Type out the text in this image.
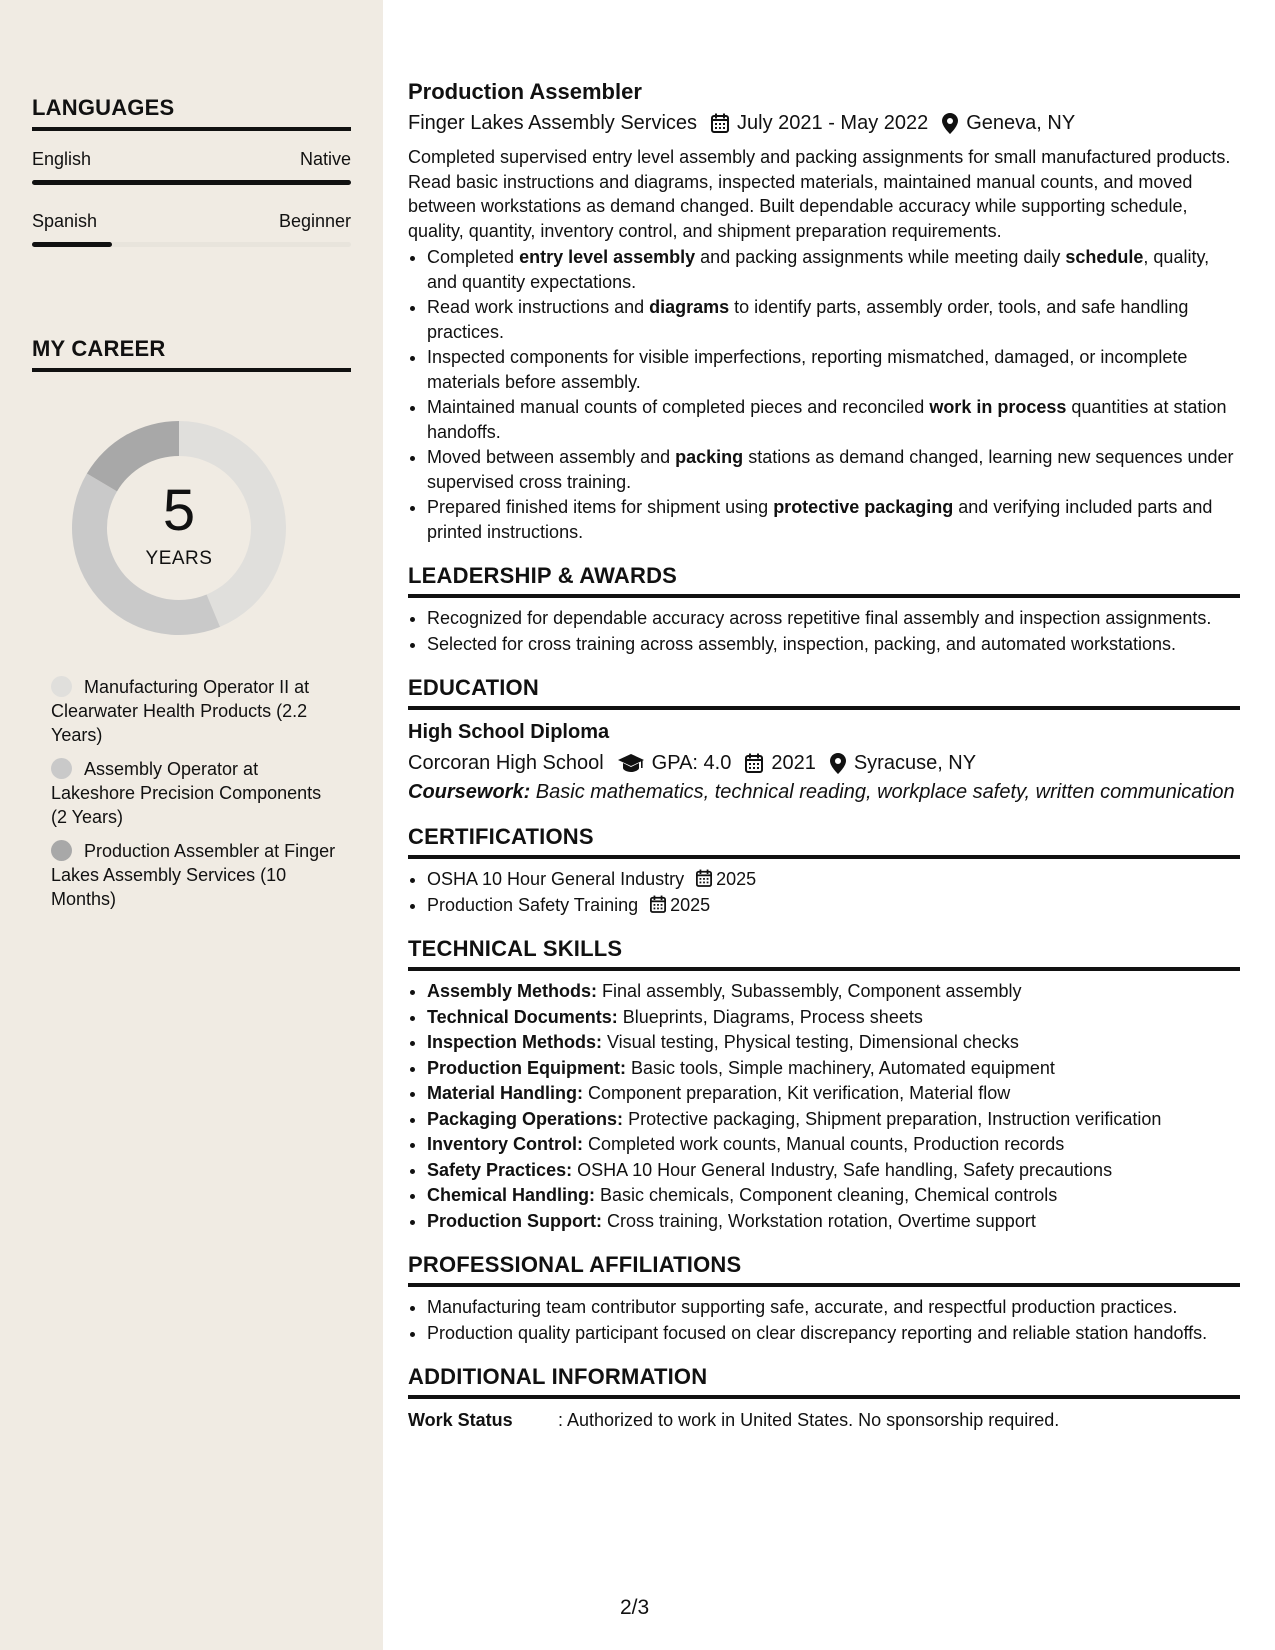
LANGUAGES
English	Native
Spanish	Beginner
MY CAREER
5
YEARS
Manufacturing Operator II at Clearwater Health Products (2.2 Years)
Assembly Operator at Lakeshore Precision Components (2 Years)
Production Assembler at Finger Lakes Assembly Services (10 Months)
Production Assembler
Finger Lakes Assembly Services July 2021 - May 2022 Geneva, NY
Completed supervised entry level assembly and packing assignments for small manufactured products. Read basic instructions and diagrams, inspected materials, maintained manual counts, and moved between workstations as demand changed. Built dependable accuracy while supporting schedule, quality, quantity, inventory control, and shipment preparation requirements.
• Completed entry level assembly and packing assignments while meeting daily schedule, quality, and quantity expectations.
• Read work instructions and diagrams to identify parts, assembly order, tools, and safe handling practices.
• Inspected components for visible imperfections, reporting mismatched, damaged, or incomplete materials before assembly.
• Maintained manual counts of completed pieces and reconciled work in process quantities at station handoffs.
• Moved between assembly and packing stations as demand changed, learning new sequences under supervised cross training.
• Prepared finished items for shipment using protective packaging and verifying included parts and printed instructions.
LEADERSHIP & AWARDS
• Recognized for dependable accuracy across repetitive final assembly and inspection assignments.
• Selected for cross training across assembly, inspection, packing, and automated workstations.
EDUCATION
High School Diploma
Corcoran High School GPA: 4.0 2021 Syracuse, NY
Coursework: Basic mathematics, technical reading, workplace safety, written communication
CERTIFICATIONS
• OSHA 10 Hour General Industry 2025
• Production Safety Training 2025
TECHNICAL SKILLS
• Assembly Methods: Final assembly, Subassembly, Component assembly
• Technical Documents: Blueprints, Diagrams, Process sheets
• Inspection Methods: Visual testing, Physical testing, Dimensional checks
• Production Equipment: Basic tools, Simple machinery, Automated equipment
• Material Handling: Component preparation, Kit verification, Material flow
• Packaging Operations: Protective packaging, Shipment preparation, Instruction verification
• Inventory Control: Completed work counts, Manual counts, Production records
• Safety Practices: OSHA 10 Hour General Industry, Safe handling, Safety precautions
• Chemical Handling: Basic chemicals, Component cleaning, Chemical controls
• Production Support: Cross training, Workstation rotation, Overtime support
PROFESSIONAL AFFILIATIONS
• Manufacturing team contributor supporting safe, accurate, and respectful production practices.
• Production quality participant focused on clear discrepancy reporting and reliable station handoffs.
ADDITIONAL INFORMATION
Work Status	: Authorized to work in United States. No sponsorship required.
2/3
